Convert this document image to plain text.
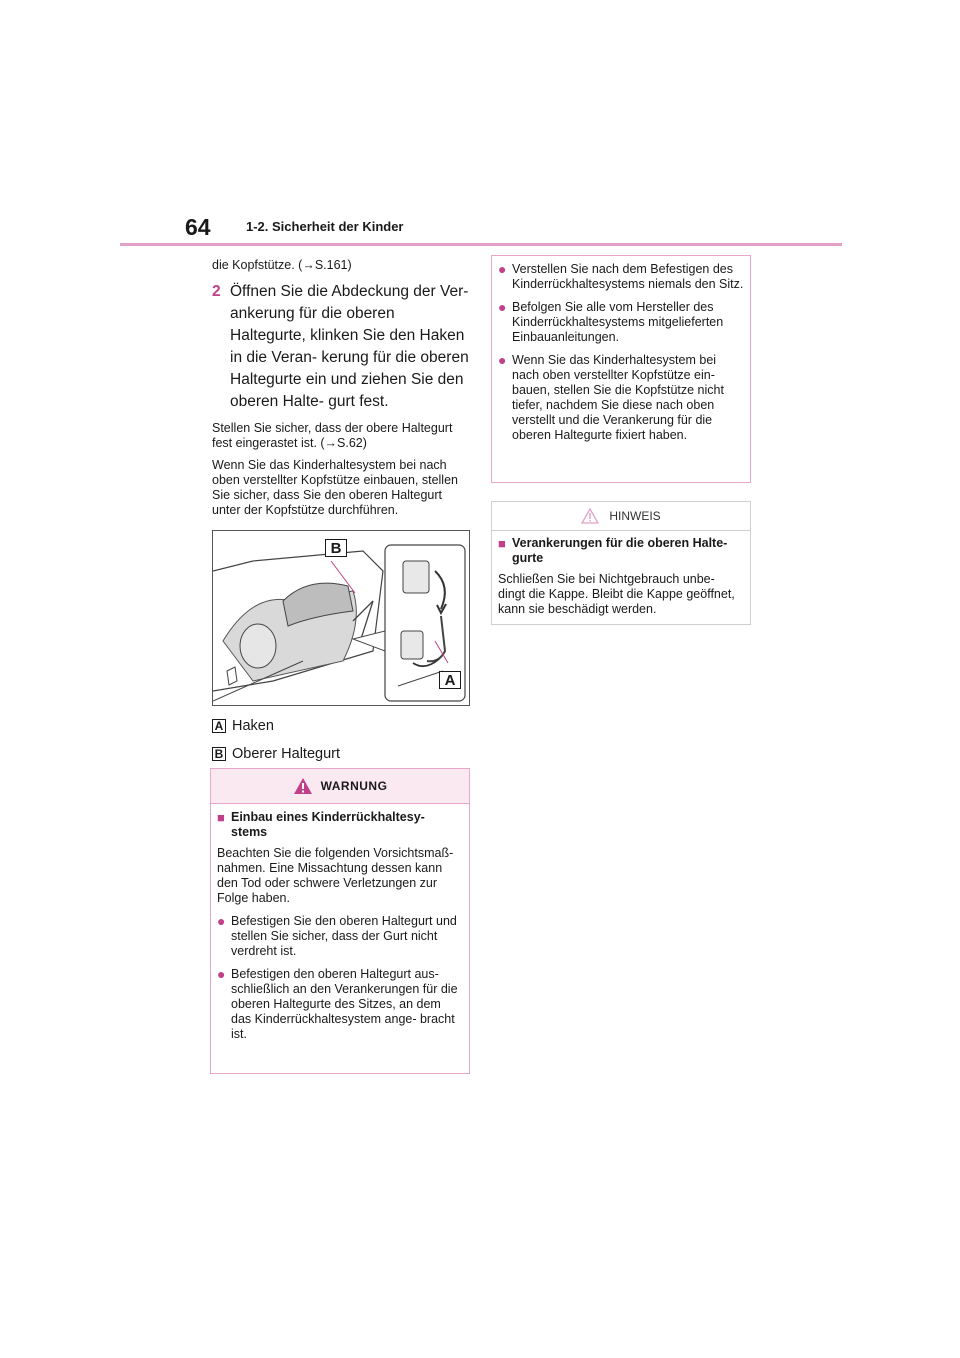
64	1-2. Sicherheit der Kinder

die Kopfstütze. (→S.161)

2 Öffnen Sie die Abdeckung der Ver- ankerung für die oberen Haltegurte, klinken Sie den Haken in die Veran- kerung für die oberen Haltegurte ein und ziehen Sie den oberen Halte- gurt fest.

Stellen Sie sicher, dass der obere Haltegurt fest eingerastet ist. (→S.62)

Wenn Sie das Kinderhaltesystem bei nach oben verstellter Kopfstütze einbauen, stellen Sie sicher, dass Sie den oberen Haltegurt unter der Kopfstütze durchführen.

B
A
A Haken
B Oberer Haltegurt
WARNUNG
■ Einbau eines Kinderrückhaltesy- stems

Beachten Sie die folgenden Vorsichtsmaß- nahmen. Eine Missachtung dessen kann den Tod oder schwere Verletzungen zur Folge haben.

● Befestigen Sie den oberen Haltegurt und stellen Sie sicher, dass der Gurt nicht verdreht ist.
● Befestigen den oberen Haltegurt aus- schließlich an den Verankerungen für die oberen Haltegurte des Sitzes, an dem das Kinderrückhaltesystem ange- bracht ist.
● Verstellen Sie nach dem Befestigen des Kinderrückhaltesystems niemals den Sitz.
● Befolgen Sie alle vom Hersteller des Kinderrückhaltesystems mitgelieferten Einbauanleitungen.
● Wenn Sie das Kinderhaltesystem bei nach oben verstellter Kopfstütze ein- bauen, stellen Sie die Kopfstütze nicht tiefer, nachdem Sie diese nach oben verstellt und die Verankerung für die oberen Haltegurte fixiert haben.
HINWEIS
■ Verankerungen für die oberen Halte- gurte

Schließen Sie bei Nichtgebrauch unbe- dingt die Kappe. Bleibt die Kappe geöffnet, kann sie beschädigt werden.
